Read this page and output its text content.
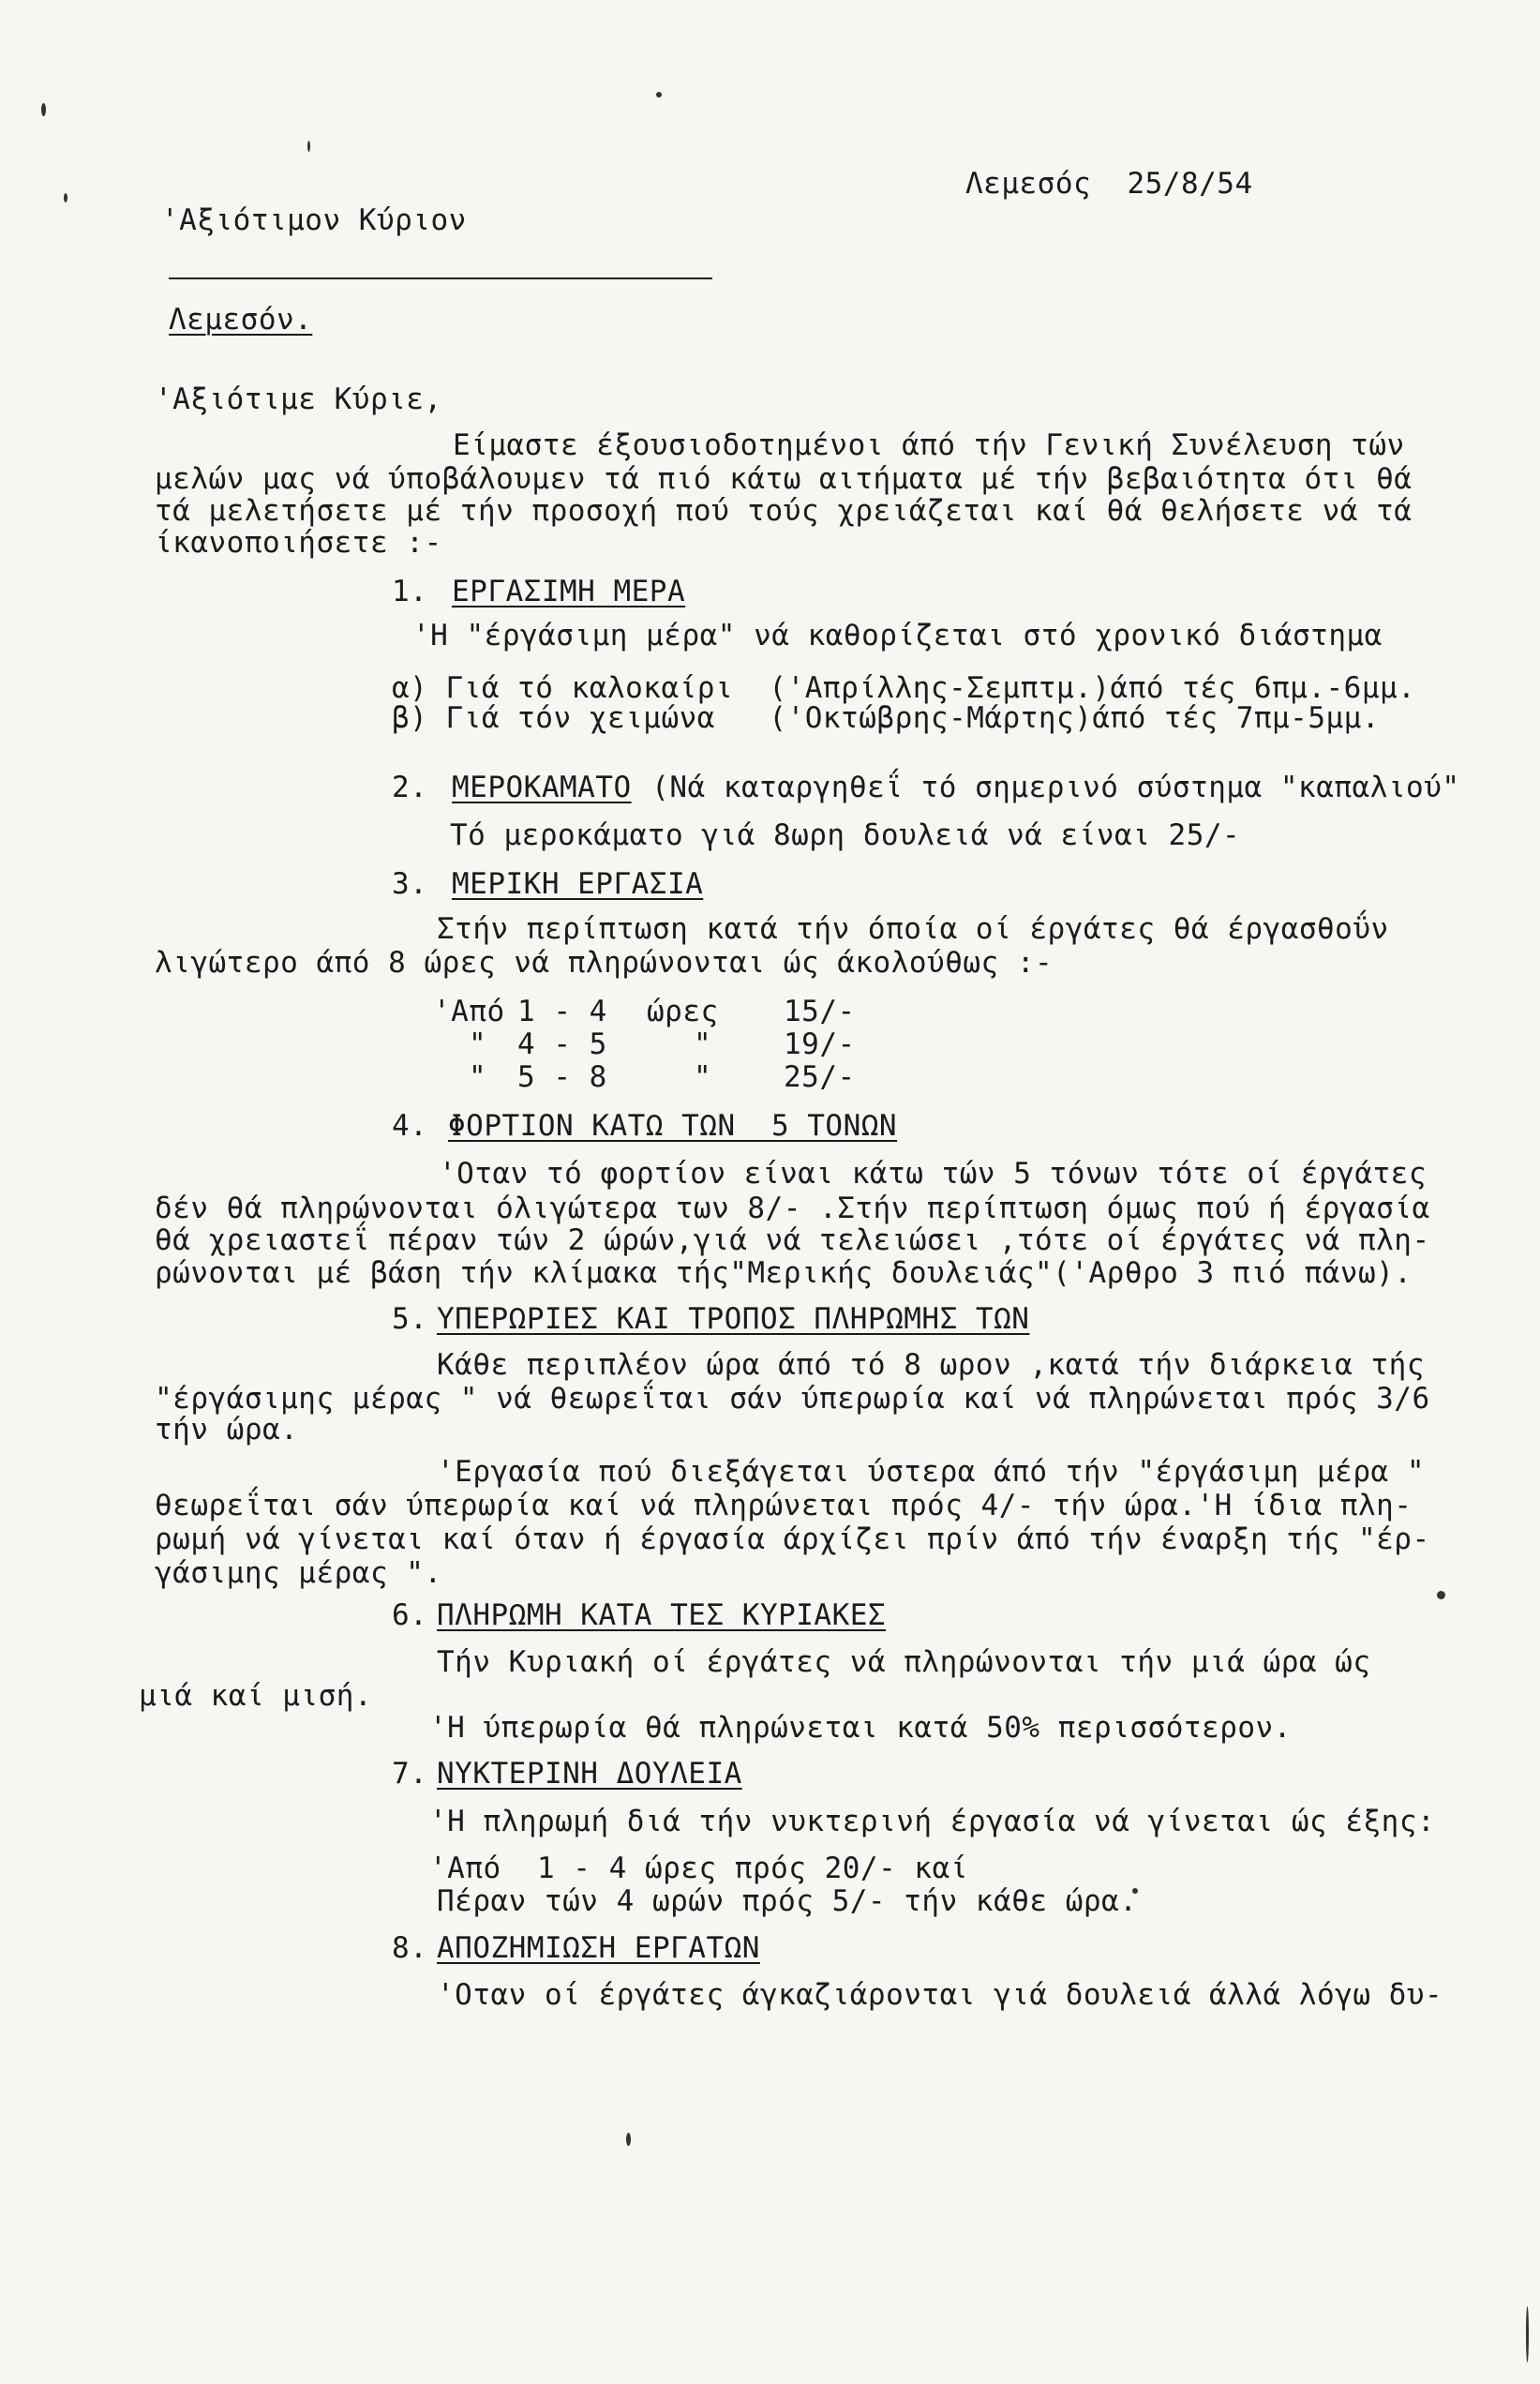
Λεμεσός  25/8/54
'Αξιότιμον Κύριον
Λεμεσόν.
'Αξιότιμε Κύριε,
Είμαστε έξουσιοδοτημένοι άπό τήν Γενική Συνέλευση τών
μελών μας νά ύποβάλουμεν τά πιό κάτω αιτήματα μέ τήν βεβαιότητα ότι θά
τά μελετήσετε μέ τήν προσοχή πού τούς χρειάζεται καί θά θελήσετε νά τά
ίκανοποιήσετε :-
1. ΕΡΓΑΣΙΜΗ ΜΕΡΑ
'Η "έργάσιμη μέρα" νά καθορίζεται στό χρονικό διάστημα
α) Γιά τό καλοκαίρι  ('Απρίλλης-Σεμπτμ.)άπό τές 6πμ.-6μμ.
β) Γιά τόν χειμώνα   ('Οκτώβρης-Μάρτης)άπό τές 7πμ-5μμ.
2. ΜΕΡΟΚΑΜΑΤΟ (Νά καταργηθεΐ τό σημερινό σύστημα "καπαλιού"
Τό μεροκάματο γιά 8ωρη δουλειά νά είναι 25/-
3. ΜΕΡΙΚΗ ΕΡΓΑΣΙΑ
Στήν περίπτωση κατά τήν όποία οί έργάτες θά έργασθοΰν
λιγώτερο άπό 8 ώρες νά πληρώνονται ώς άκολούθως :-
'Από 1 - 4 ώρες 15/-
" 4 - 5	" 19/-
" 5 - 8	" 25/-
4. ΦΟΡΤΙΟΝ ΚΑΤΩ ΤΩΝ  5 ΤΟΝΩΝ
'Οταν τό φορτίον είναι κάτω τών 5 τόνων τότε οί έργάτες
δέν θά πληρώνονται όλιγώτερα των 8/- .Στήν περίπτωση όμως πού ή έργασία
θά χρειαστεΐ πέραν τών 2 ώρών,γιά νά τελειώσει ,τότε οί έργάτες νά πλη-
ρώνονται μέ βάση τήν κλίμακα τής"Μερικής δουλειάς"('Αρθρο 3 πιό πάνω).
5. ΥΠΕΡΩΡΙΕΣ ΚΑΙ ΤΡΟΠΟΣ ΠΛΗΡΩΜΗΣ ΤΩΝ
Κάθε περιπλέον ώρα άπό τό 8 ωρον ,κατά τήν διάρκεια τής
"έργάσιμης μέρας " νά θεωρεΐται σάν ύπερωρία καί νά πληρώνεται πρός 3/6
τήν ώρα.
'Εργασία πού διεξάγεται ύστερα άπό τήν "έργάσιμη μέρα "
θεωρεΐται σάν ύπερωρία καί νά πληρώνεται πρός 4/- τήν ώρα.'Η ίδια πλη-
ρωμή νά γίνεται καί όταν ή έργασία άρχίζει πρίν άπό τήν έναρξη τής "έρ-
γάσιμης μέρας ".
6. ΠΛΗΡΩΜΗ ΚΑΤΑ ΤΕΣ ΚΥΡΙΑΚΕΣ
Τήν Κυριακή οί έργάτες νά πληρώνονται τήν μιά ώρα ώς
μιά καί μισή.
'Η ύπερωρία θά πληρώνεται κατά 50% περισσότερον.
7. ΝΥΚΤΕΡΙΝΗ ΔΟΥΛΕΙΑ
'Η πληρωμή διά τήν νυκτερινή έργασία νά γίνεται ώς έξης:
'Από  1 - 4 ώρες πρός 20/- καί
Πέραν τών 4 ωρών πρός 5/- τήν κάθε ώρα.
8. ΑΠΟΖΗΜΙΩΣΗ ΕΡΓΑΤΩΝ
'Οταν οί έργάτες άγκαζιάρονται γιά δουλειά άλλά λόγω δυ-
